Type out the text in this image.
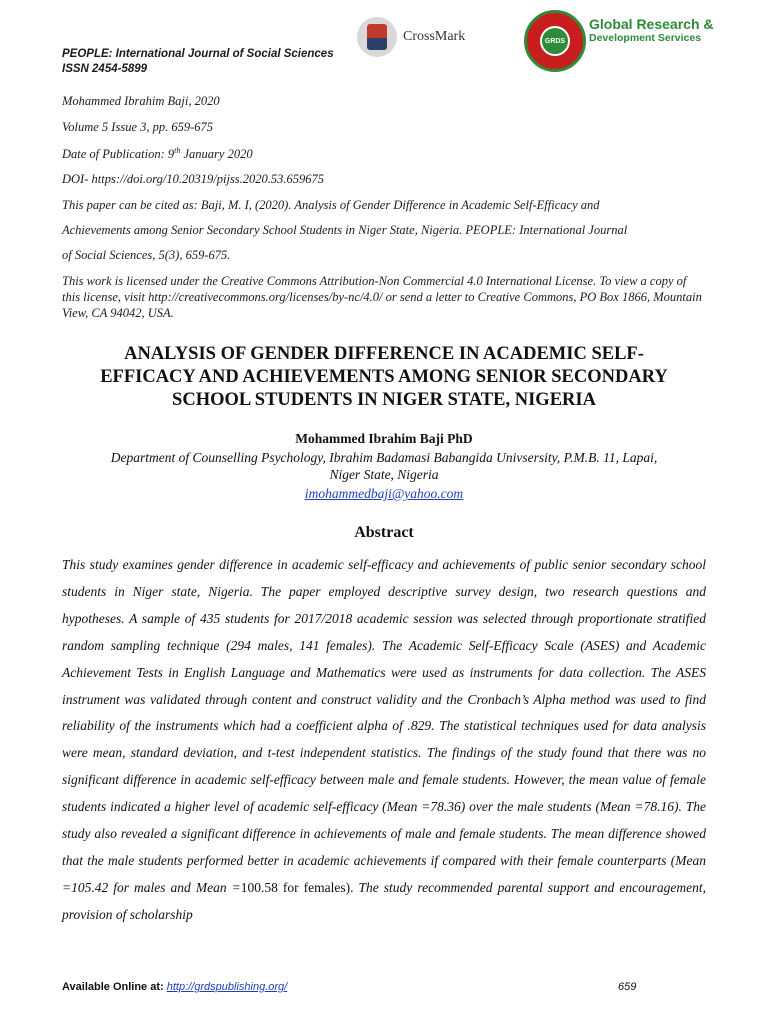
PEOPLE: International Journal of Social Sciences
ISSN 2454-5899
CrossMark	GRDS
Global Research &
Development Services
Mohammed Ibrahim Baji, 2020
Volume 5 Issue 3, pp. 659-675
Date of Publication: 9th January 2020
DOI- https://doi.org/10.20319/pijss.2020.53.659675
This paper can be cited as: Baji, M. I, (2020). Analysis of Gender Difference in Academic Self-Efficacy and
Achievements among Senior Secondary School Students in Niger State, Nigeria. PEOPLE: International Journal
of Social Sciences, 5(3), 659-675.
This work is licensed under the Creative Commons Attribution-Non Commercial 4.0 International License. To view a copy of this license, visit http://creativecommons.org/licenses/by-nc/4.0/ or send a letter to Creative Commons, PO Box 1866, Mountain View, CA 94042, USA.
ANALYSIS OF GENDER DIFFERENCE IN ACADEMIC SELF-
EFFICACY AND ACHIEVEMENTS AMONG SENIOR SECONDARY
SCHOOL STUDENTS IN NIGER STATE, NIGERIA
Mohammed Ibrahim Baji PhD
Department of Counselling Psychology, Ibrahim Badamasi Babangida Univsersity, P.M.B. 11, Lapai,
Niger State, Nigeria
imohammedbaji@yahoo.com
Abstract
This study examines gender difference in academic self-efficacy and achievements of public senior secondary school students in Niger state, Nigeria. The paper employed descriptive survey design, two research questions and hypotheses. A sample of 435 students for 2017/2018 academic session was selected through proportionate stratified random sampling technique (294 males, 141 females). The Academic Self-Efficacy Scale (ASES) and Academic Achievement Tests in English Language and Mathematics were used as instruments for data collection. The ASES instrument was validated through content and construct validity and the Cronbach’s Alpha method was used to find reliability of the instruments which had a coefficient alpha of .829. The statistical techniques used for data analysis were mean, standard deviation, and t-test independent statistics. The findings of the study found that there was no significant difference in academic self-efficacy between male and female students. However, the mean value of female students indicated a higher level of academic self-efficacy (Mean =78.36) over the male students (Mean =78.16). The study also revealed a significant difference in achievements of male and female students. The mean difference showed that the male students performed better in academic achievements if compared with their female counterparts (Mean =105.42 for males and Mean =100.58 for females). The study recommended parental support and encouragement, provision of scholarship
Available Online at: http://grdspublishing.org/	659
